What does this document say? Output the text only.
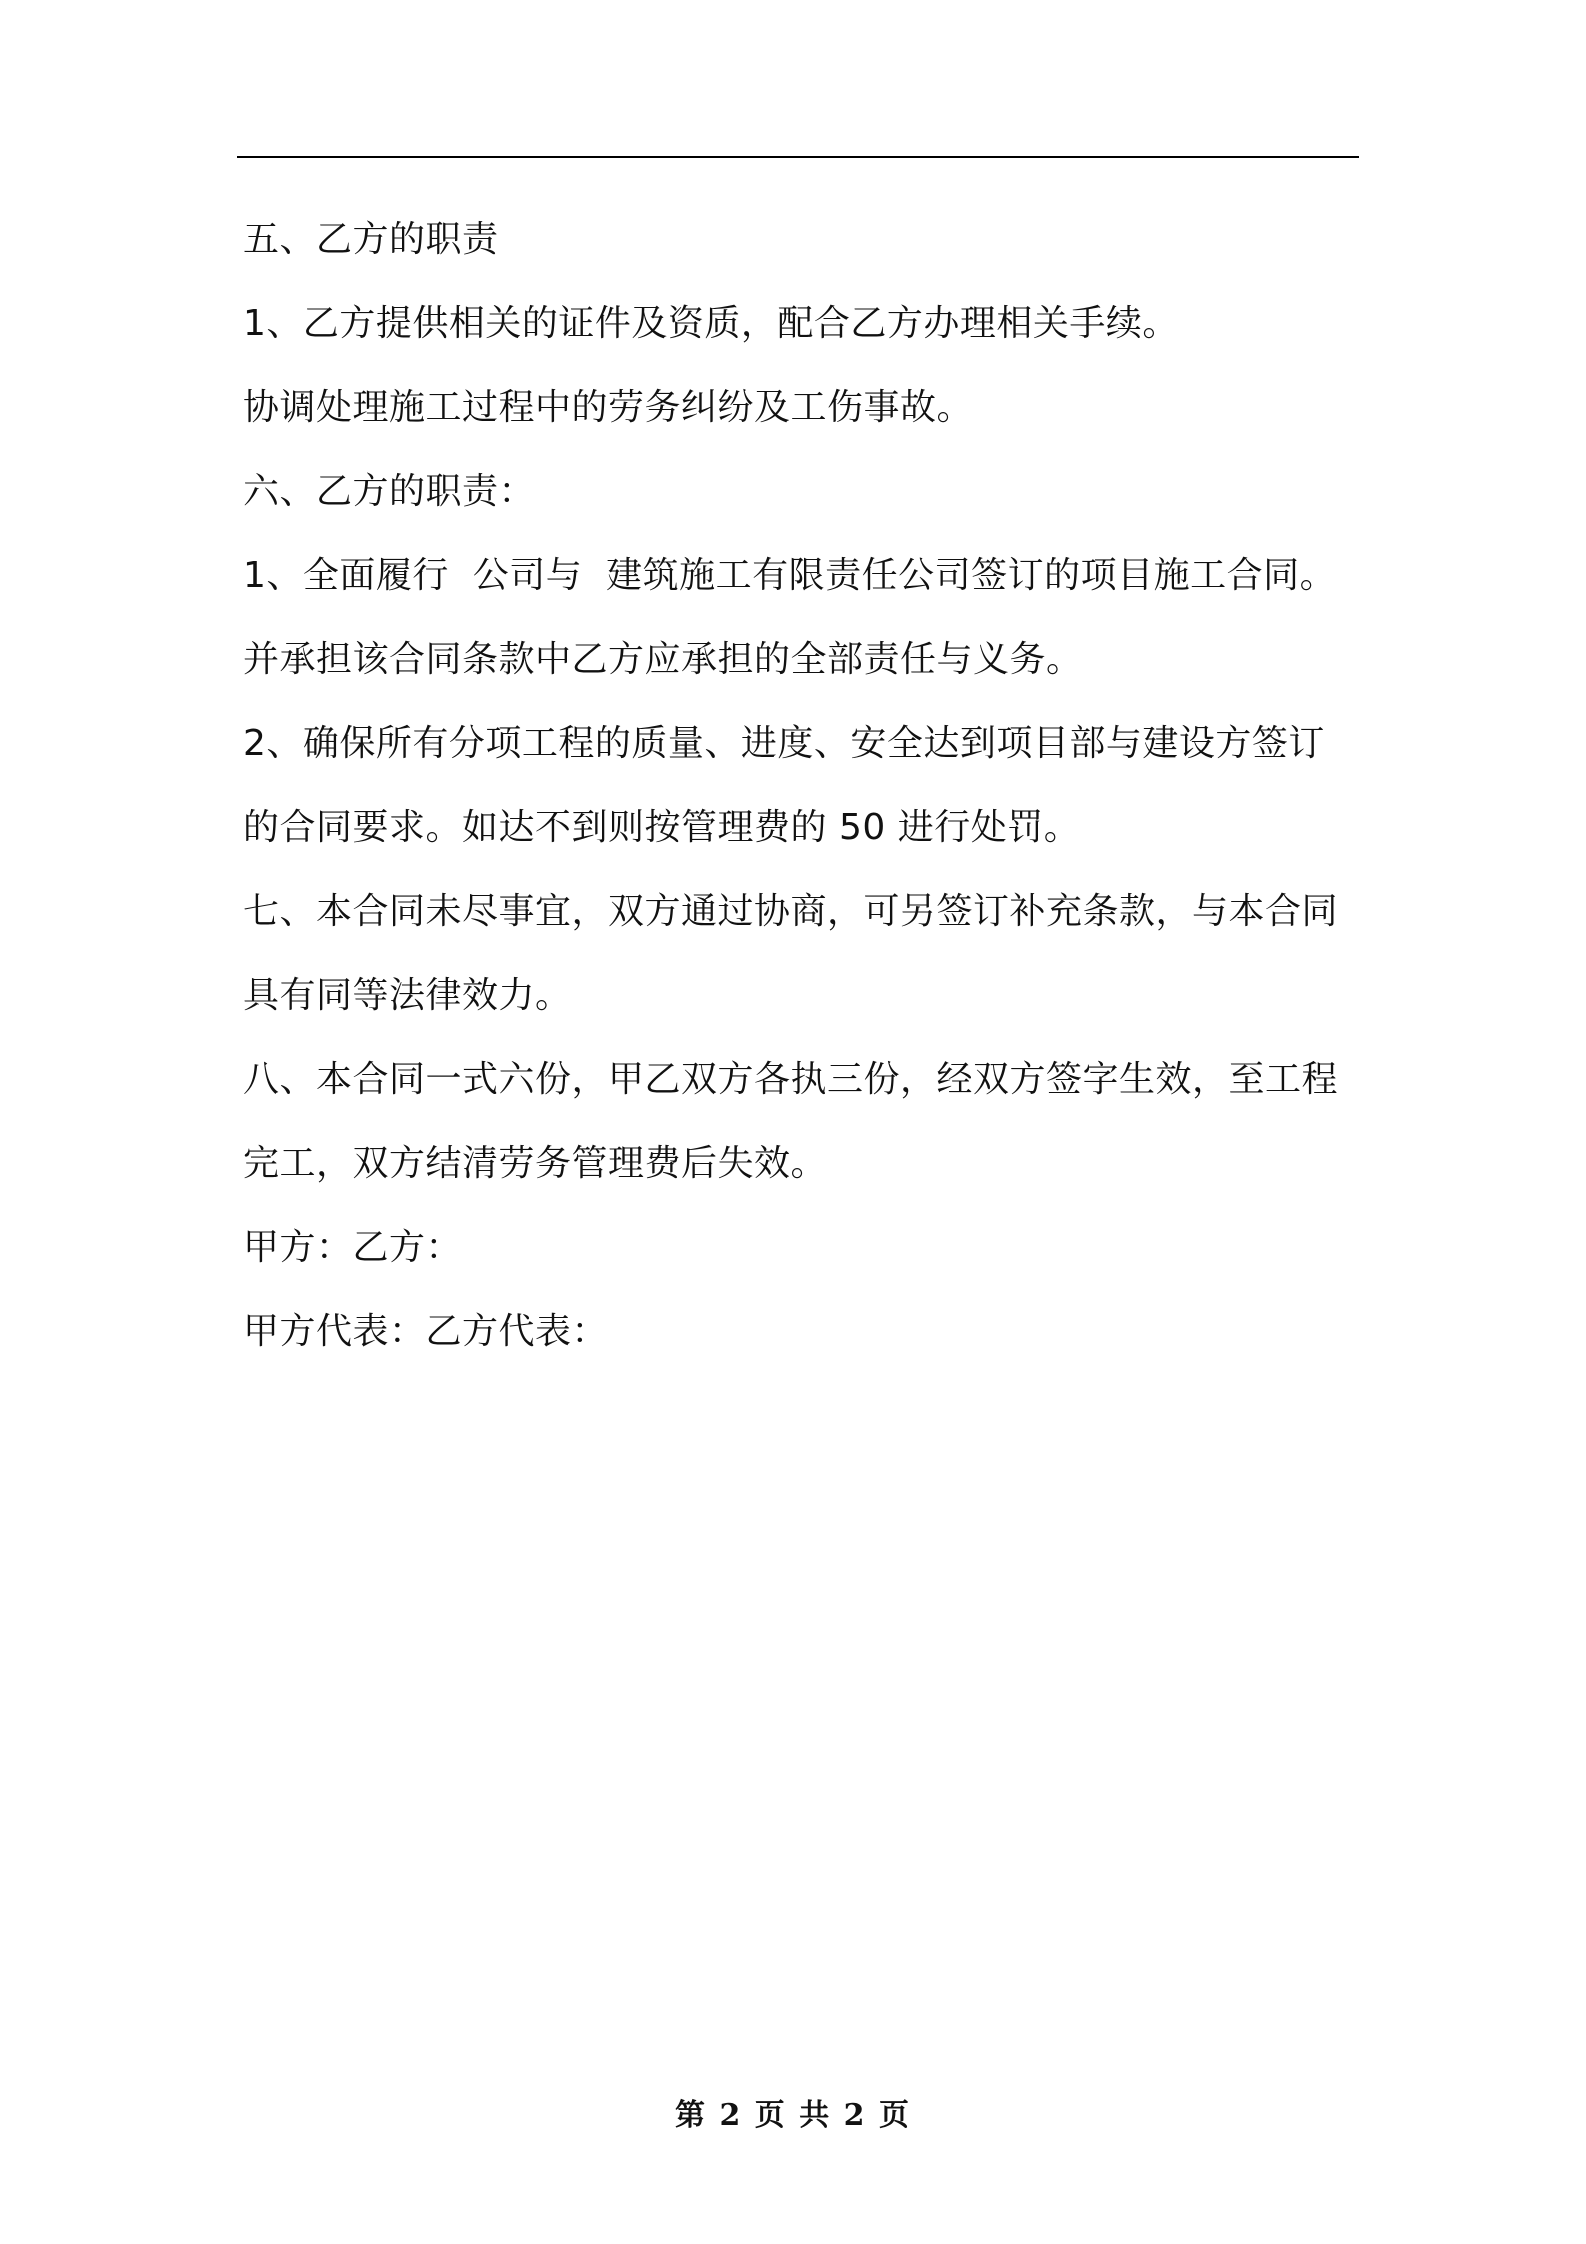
五、乙方的职责
1、乙方提供相关的证件及资质，配合乙方办理相关手续。
协调处理施工过程中的劳务纠纷及工伤事故。
六、乙方的职责：
1、全面履行  公司与  建筑施工有限责任公司签订的项目施工合同。
并承担该合同条款中乙方应承担的全部责任与义务。
2、确保所有分项工程的质量、进度、安全达到项目部与建设方签订
的合同要求。如达不到则按管理费的 50 进行处罚。
七、本合同未尽事宜，双方通过协商，可另签订补充条款，与本合同
具有同等法律效力。
八、本合同一式六份，甲乙双方各执三份，经双方签字生效，至工程
完工，双方结清劳务管理费后失效。
甲方：乙方：
甲方代表：乙方代表：
第 2 页 共 2 页
